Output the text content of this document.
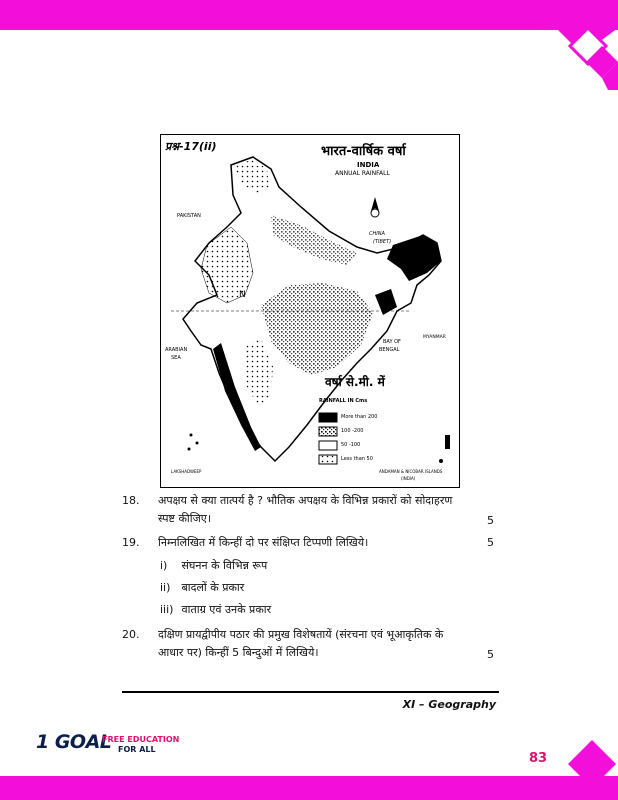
प्रश्न-17(ii)	भारत-वार्षिक वर्षा
INDIA
ANNUAL RAINFALL
PAKISTAN
CHINA
(TIBET)
N
MYANMAR
BAY OF
BENGAL
ARABIAN
SEA
वर्षा से.मी. में
RAINFALL IN Cms
More than 200
100 -200
50 -100
Less than 50
ANDAMAN & NICOBAR ISLANDS
(INDIA)
LAKSHADWEEP
18.	अपक्षय से क्या तात्पर्य है ? भौतिक अपक्षय के विभिन्न प्रकारों को सोदाहरण
स्पष्ट कीजिए।	5
19.	निम्नलिखित में किन्हीं दो पर संक्षिप्त टिप्पणी लिखिये।	5
i) संघनन के विभिन्न रूप
ii) बादलों के प्रकार
iii) वाताग्र एवं उनके प्रकार
20.	दक्षिण प्रायद्वीपीय पठार की प्रमुख विशेषतायें (संरचना एवं भूआकृतिक के
आधार पर) किन्हीं 5 बिन्दुओं में लिखिये।	5
XI – Geography
1 GOAL
FREE EDUCATION
FOR ALL
83
